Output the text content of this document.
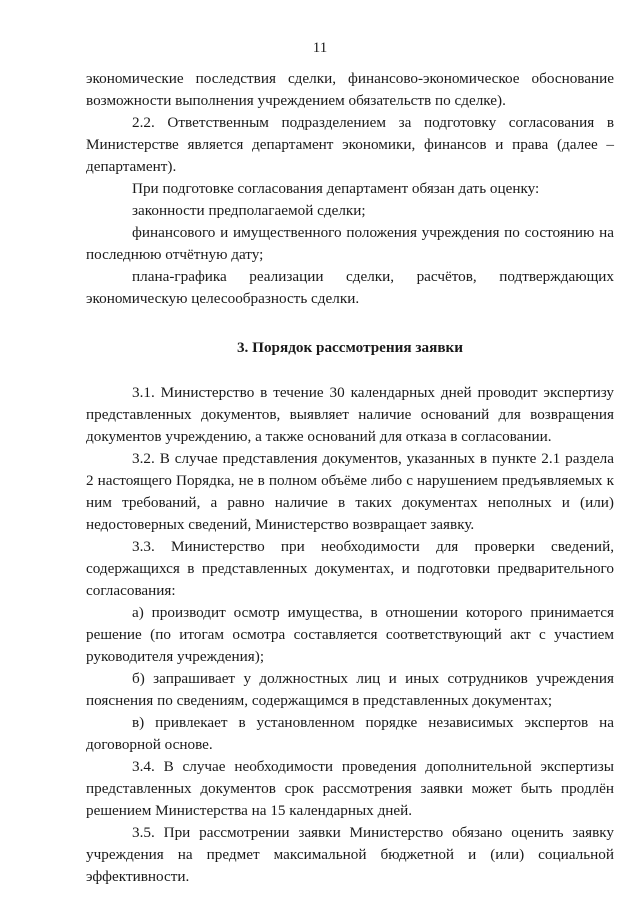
11

экономические последствия сделки, финансово-экономическое обоснование возможности выполнения учреждением обязательств по сделке).

2.2. Ответственным подразделением за подготовку согласования в Министерстве является департамент экономики, финансов и права (далее – департамент).

При подготовке согласования департамент обязан дать оценку:

законности предполагаемой сделки;

финансового и имущественного положения учреждения по состоянию на последнюю отчётную дату;

плана-графика реализации сделки, расчётов, подтверждающих экономическую целесообразность сделки.

3. Порядок рассмотрения заявки

3.1. Министерство в течение 30 календарных дней проводит экспертизу представленных документов, выявляет наличие оснований для возвращения документов учреждению, а также оснований для отказа в согласовании.

3.2. В случае представления документов, указанных в пункте 2.1 раздела 2 настоящего Порядка, не в полном объёме либо с нарушением предъявляемых к ним требований, а равно наличие в таких документах неполных и (или) недостоверных сведений, Министерство возвращает заявку.

3.3. Министерство при необходимости для проверки сведений, содержащихся в представленных документах, и подготовки предварительного согласования:

а) производит осмотр имущества, в отношении которого принимается решение (по итогам осмотра составляется соответствующий акт с участием руководителя учреждения);

б) запрашивает у должностных лиц и иных сотрудников учреждения пояснения по сведениям, содержащимся в представленных документах;

в) привлекает в установленном порядке независимых экспертов на договорной основе.

3.4. В случае необходимости проведения дополнительной экспертизы представленных документов срок рассмотрения заявки может быть продлён решением Министерства на 15 календарных дней.

3.5. При рассмотрении заявки Министерство обязано оценить заявку учреждения на предмет максимальной бюджетной и (или) социальной эффективности.
